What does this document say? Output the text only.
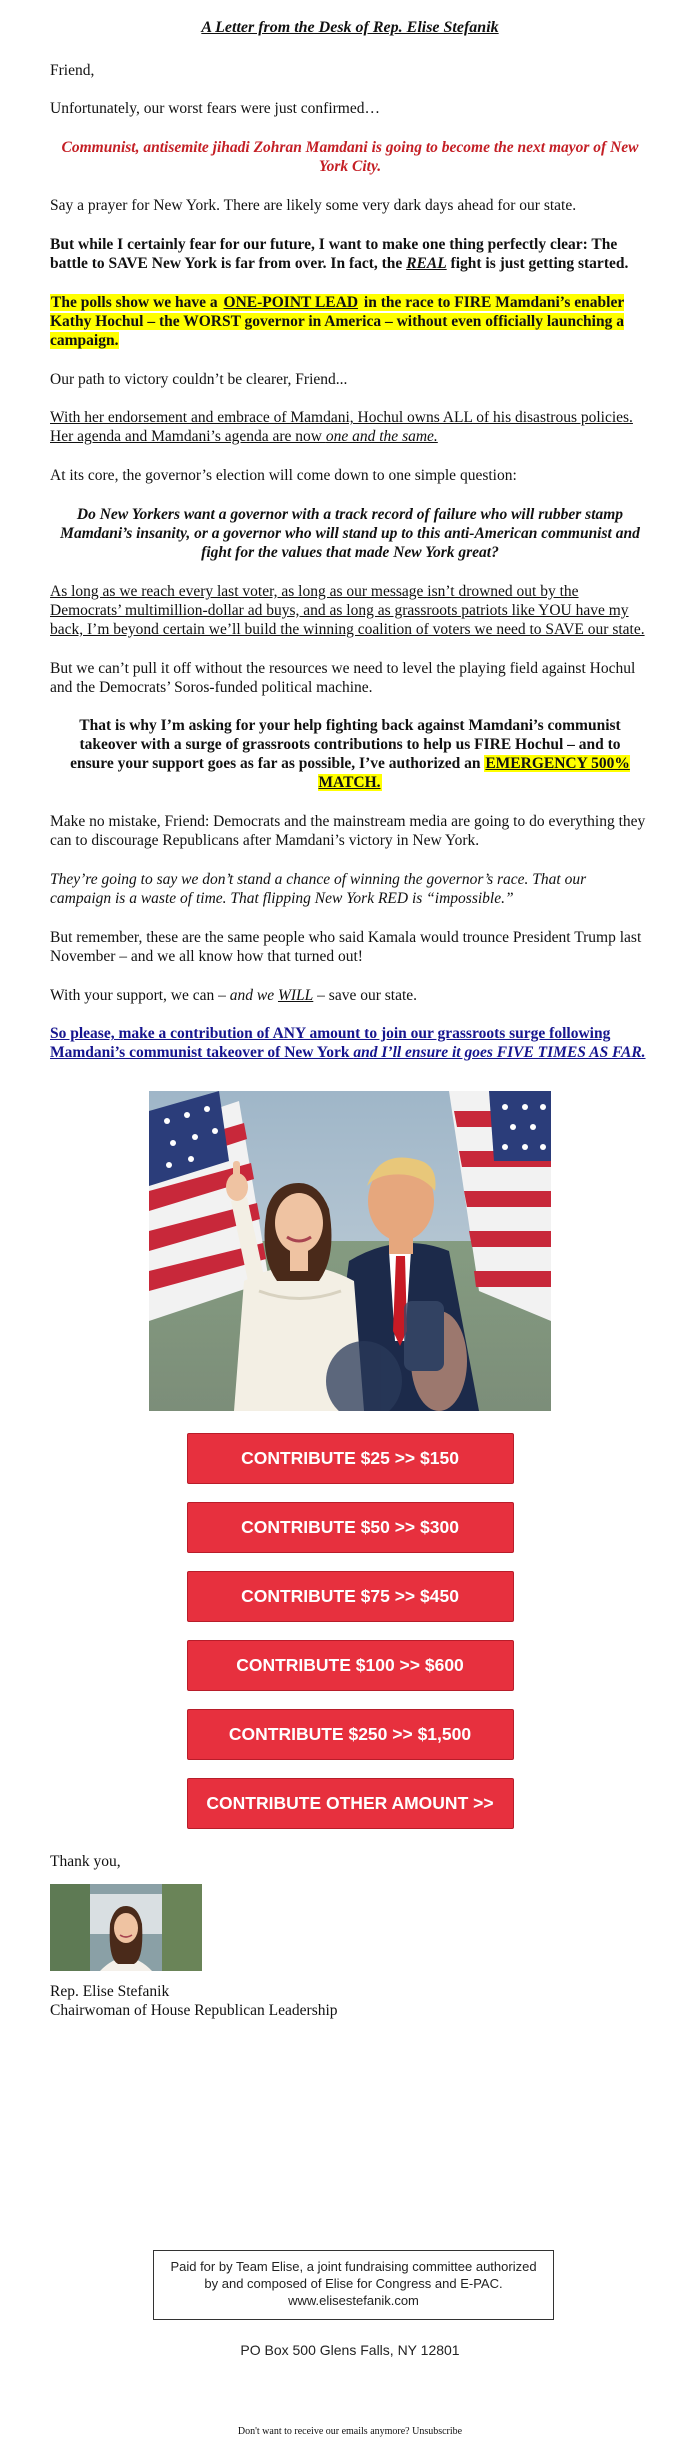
A Letter from the Desk of Rep. Elise Stefanik

Friend,

Unfortunately, our worst fears were just confirmed…

Communist, antisemite jihadi Zohran Mamdani is going to become the next mayor of New York City.

Say a prayer for New York. There are likely some very dark days ahead for our state.

But while I certainly fear for our future, I want to make one thing perfectly clear: The battle to SAVE New York is far from over. In fact, the REAL fight is just getting started.

The polls show we have a ONE-POINT LEAD in the race to FIRE Mamdani’s enabler Kathy Hochul – the WORST governor in America – without even officially launching a campaign.

Our path to victory couldn’t be clearer, Friend...

With her endorsement and embrace of Mamdani, Hochul owns ALL of his disastrous policies. Her agenda and Mamdani’s agenda are now one and the same.

At its core, the governor’s election will come down to one simple question:

Do New Yorkers want a governor with a track record of failure who will rubber stamp Mamdani’s insanity, or a governor who will stand up to this anti-American communist and fight for the values that made New York great?

As long as we reach every last voter, as long as our message isn’t drowned out by the Democrats’ multimillion-dollar ad buys, and as long as grassroots patriots like YOU have my back, I’m beyond certain we’ll build the winning coalition of voters we need to SAVE our state.

But we can’t pull it off without the resources we need to level the playing field against Hochul and the Democrats’ Soros-funded political machine.

That is why I’m asking for your help fighting back against Mamdani’s communist takeover with a surge of grassroots contributions to help us FIRE Hochul – and to ensure your support goes as far as possible, I’ve authorized an EMERGENCY 500% MATCH.

Make no mistake, Friend: Democrats and the mainstream media are going to do everything they can to discourage Republicans after Mamdani’s victory in New York.

They’re going to say we don’t stand a chance of winning the governor’s race. That our campaign is a waste of time. That flipping New York RED is “impossible.”

But remember, these are the same people who said Kamala would trounce President Trump last November – and we all know how that turned out!

With your support, we can – and we WILL – save our state.

So please, make a contribution of ANY amount to join our grassroots surge following Mamdani’s communist takeover of New York and I’ll ensure it goes FIVE TIMES AS FAR.

CONTRIBUTE $25 >> $150
CONTRIBUTE $50 >> $300
CONTRIBUTE $75 >> $450
CONTRIBUTE $100 >> $600
CONTRIBUTE $250 >> $1,500
CONTRIBUTE OTHER AMOUNT >>
Thank you,
Rep. Elise Stefanik
Chairwoman of House Republican Leadership
Paid for by Team Elise, a joint fundraising committee authorized by and composed of Elise for Congress and E-PAC. www.elisestefanik.com
PO Box 500 Glens Falls, NY 12801
Don't want to receive our emails anymore? Unsubscribe
